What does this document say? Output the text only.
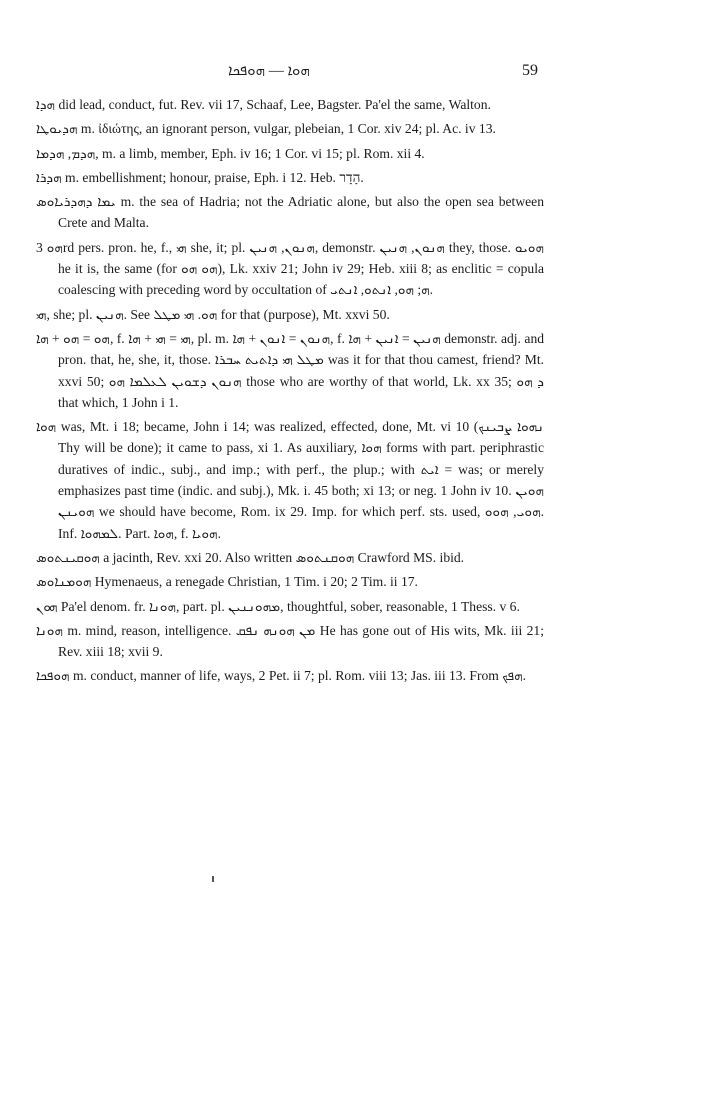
ܗܘܐ — ܗܘܦܟܐ	59

ܗܕܐ did lead, conduct, fut. Rev. vii 17, Schaaf, Lee, Bagster. Pa'el the same, Walton.

ܗܕܝܘܛܐ m. ἰδιώτης, an ignorant person, vulgar, plebeian, 1 Cor. xiv 24; pl. Ac. iv 13.

ܗܕܡ, ܗܕܡܐ, m. a limb, member, Eph. iv 16; 1 Cor. vi 15; pl. Rom. xii 4.

ܗܕܪܐ m. embellishment; honour, praise, Eph. i 12. Heb. הָדָר.

ܝܡܐ ܕܗܕܪܝܐܘܣ m. the sea of Hadria; not the Adriatic alone, but also the open sea between Crete and Malta.

ܗܘ 3rd pers. pron. he, f., ܗܝ she, it; pl. ܗܢܘܢ, ܗܢܝܢ, demonstr. ܗܢܘܢ, ܗܢܝܢ they, those. ܗܘܝܘ he it is, the same (for ܗܘ ܗܘ), Lk. xxiv 21; John iv 29; Heb. xiii 8; as enclitic = copula coalescing with preceding word by occultation of ܗ; ܗܘ, ܐܢܬܘ, ܐܢܬܝ.

ܗܝ, she; pl. ܗܢܝܢ. See ܗܘ. ܗܝ ܡܛܠ for that (purpose), Mt. xxvi 50.

ܗܘ = ܗܘ + ܗܐ, f. ܗܝ = ܗܝ + ܗܐ, pl. m. ܗܢܘܢ = ܐܢܘܢ + ܗܐ, f. ܗܢܝܢ = ܐܢܝܢ + ܗܐ demonstr. adj. and pron. that, he, she, it, those. ܡܛܠ ܗܝ ܕܐܬܝܬ ܚܒܪܐ was it for that thou camest, friend? Mt. xxvi 50; ܗܢܘܢ ܕܫܘܝܢ ܠܥܠܡܐ ܗܘ those who are worthy of that world, Lk. xx 35; ܕ ܗܘ that which, 1 John i 1.

ܗܘܐ was, Mt. i 18; became, John i 14; was realized, effected, done, Mt. vi 10 (ܢܗܘܐ ܨܒܝܢܟ Thy will be done); it came to pass, xi 1. As auxiliary, ܗܘܐ forms with part. periphrastic duratives of indic., subj., and imp.; with perf., the plup.; with ܐܝܬ = was; or merely emphasizes past time (indic. and subj.), Mk. i. 45 both; xi 13; or neg. 1 John iv 10. ܗܘܝܢ ܗܘܝܢܢ we should have become, Rom. ix 29. Imp. for which perf. sts. used, ܗܘܝ, ܗܘܘ. Inf. ܠܡܗܘܐ. Part. ܗܘܐ, f. ܗܘܝܐ.

ܗܘܩܝܢܬܘܣ a jacinth, Rev. xxi 20. Also written ܗܘܩܢܬܘܣ Crawford MS. ibid.

ܗܘܡܢܐܘܣ Hymenaeus, a renegade Christian, 1 Tim. i 20; 2 Tim. ii 17.

ܗܘܢ Pa'el denom. fr. ܗܘܢܐ, part. pl. ܡܗܘܢܢܝܢ, thoughtful, sober, reasonable, 1 Thess. v 6.

ܗܘܢܐ m. mind, reason, intelligence. ܡܢ ܗܘܢܗ ܢܦܩ He has gone out of His wits, Mk. iii 21; Rev. xiii 18; xvii 9.

ܗܘܦܟܐ m. conduct, manner of life, ways, 2 Pet. ii 7; pl. Rom. viii 13; Jas. iii 13. From ܗܦܟ.
